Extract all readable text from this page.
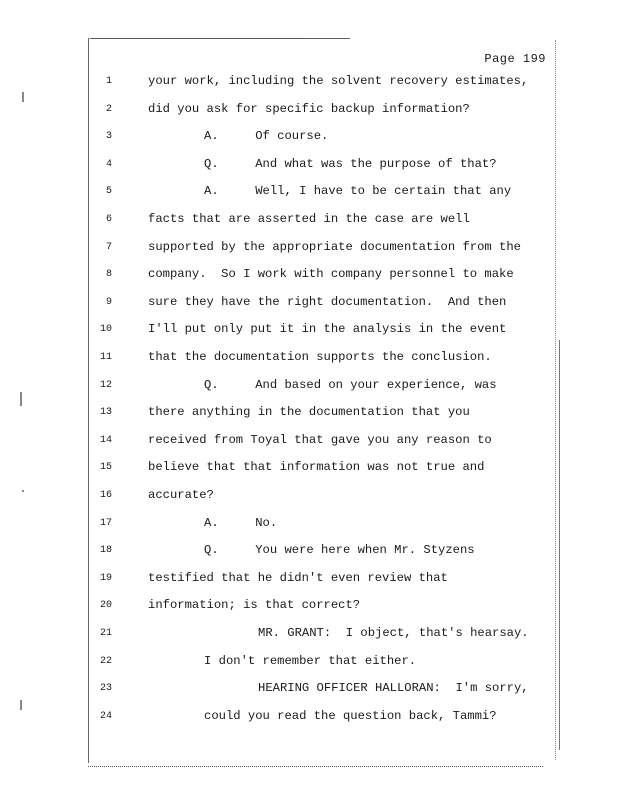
Page 199
1	your work, including the solvent recovery estimates,
2	did you ask for specific backup information?
3	A.     Of course.
4	Q.     And what was the purpose of that?
5	A.     Well, I have to be certain that any
6	facts that are asserted in the case are well
7	supported by the appropriate documentation from the
8	company.  So I work with company personnel to make
9	sure they have the right documentation.  And then
10	I'll put only put it in the analysis in the event
11	that the documentation supports the conclusion.
12	Q.     And based on your experience, was
13	there anything in the documentation that you
14	received from Toyal that gave you any reason to
15	believe that that information was not true and
16	accurate?
17	A.     No.
18	Q.     You were here when Mr. Styzens
19	testified that he didn't even review that
20	information; is that correct?
21	MR. GRANT:  I object, that's hearsay.
22	I don't remember that either.
23	HEARING OFFICER HALLORAN:  I'm sorry,
24	could you read the question back, Tammi?
